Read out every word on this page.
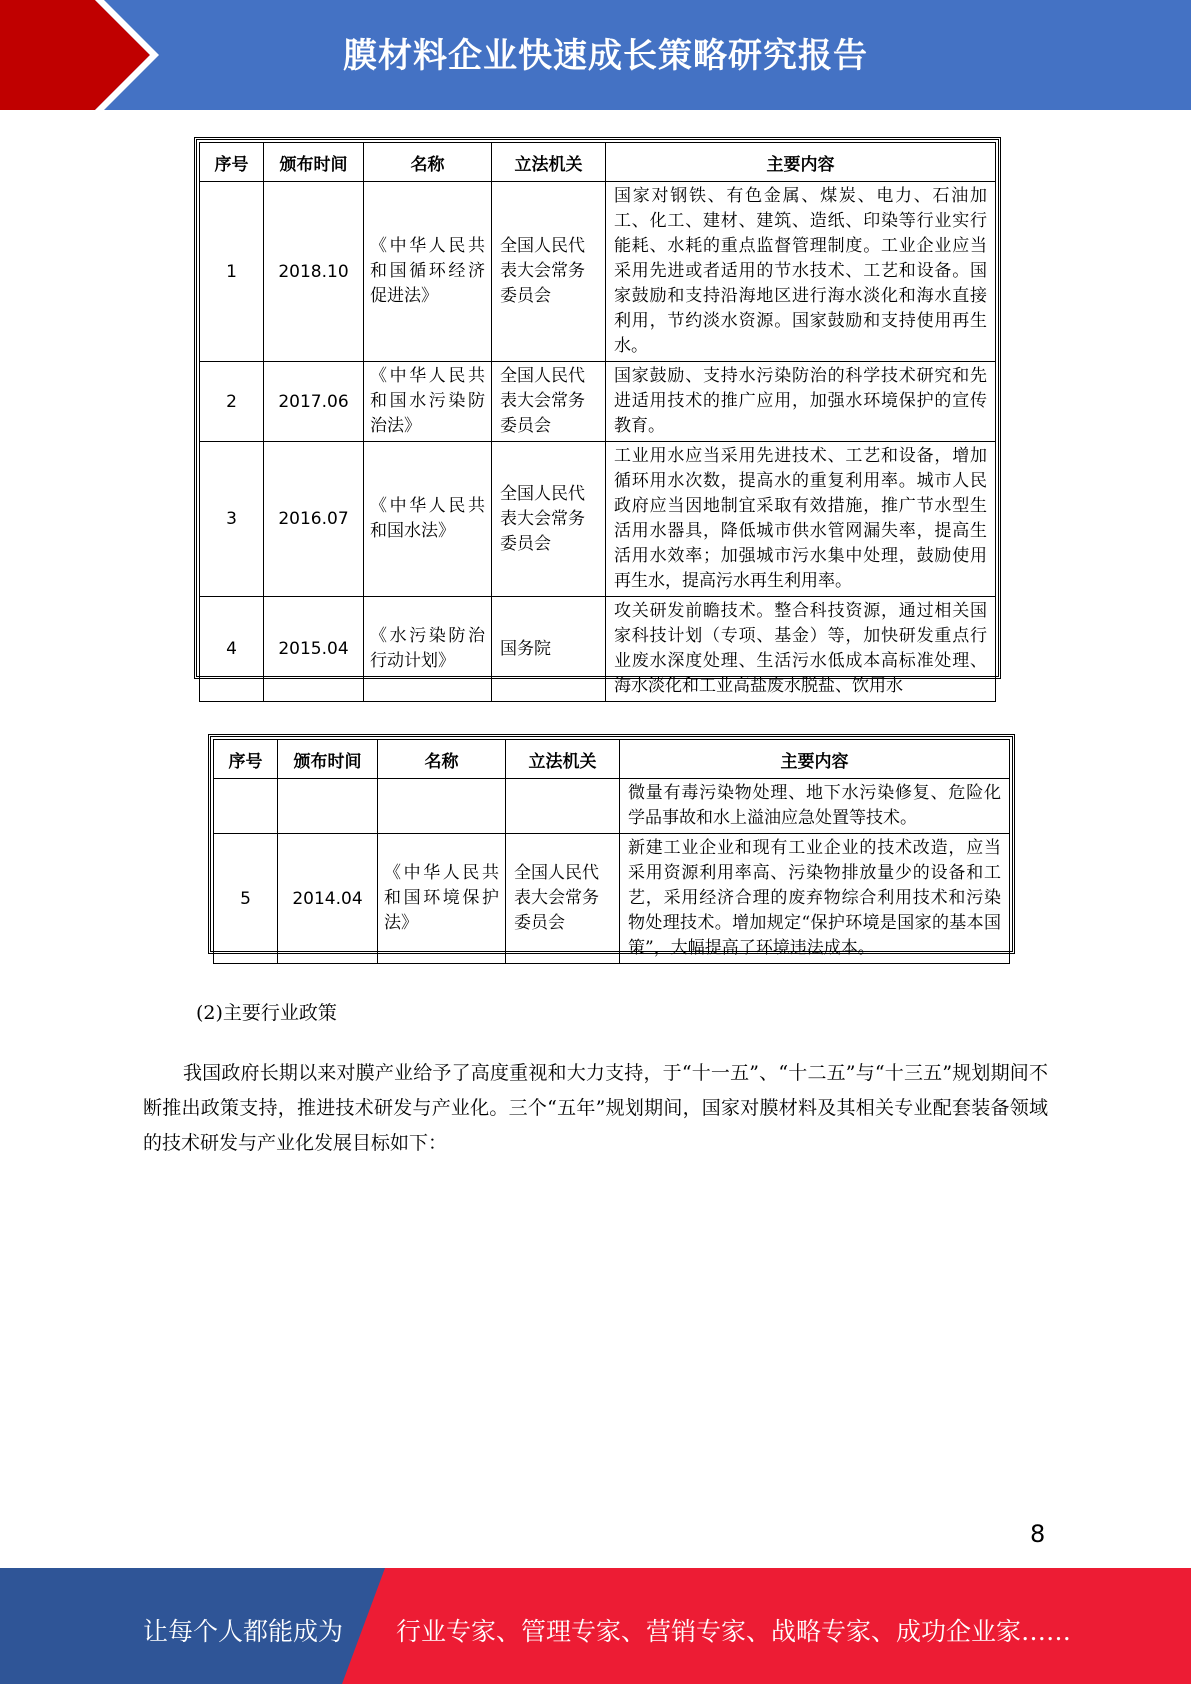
膜材料企业快速成长策略研究报告
序号	颁布时间	名称	立法机关	主要内容
1	2018.10	《中华人民共和国循环经济促进法》	全国人民代表大会常务委员会	国家对钢铁、有色金属、煤炭、电力、石油加工、化工、建材、建筑、造纸、印染等行业实行能耗、水耗的重点监督管理制度。工业企业应当采用先进或者适用的节水技术、工艺和设备。国家鼓励和支持沿海地区进行海水淡化和海水直接利用，节约淡水资源。国家鼓励和支持使用再生水。
2	2017.06	《中华人民共和国水污染防治法》	全国人民代表大会常务委员会	国家鼓励、支持水污染防治的科学技术研究和先进适用技术的推广应用，加强水环境保护的宣传教育。
3	2016.07	《中华人民共和国水法》	全国人民代表大会常务委员会	工业用水应当采用先进技术、工艺和设备，增加循环用水次数，提高水的重复利用率。城市人民政府应当因地制宜采取有效措施，推广节水型生活用水器具，降低城市供水管网漏失率，提高生活用水效率；加强城市污水集中处理，鼓励使用再生水，提高污水再生利用率。
4	2015.04	《水污染防治行动计划》	国务院	攻关研发前瞻技术。整合科技资源，通过相关国家科技计划（专项、基金）等，加快研发重点行业废水深度处理、生活污水低成本高标准处理、海水淡化和工业高盐废水脱盐、饮用水
序号	颁布时间	名称	立法机关	主要内容
				微量有毒污染物处理、地下水污染修复、危险化学品事故和水上溢油应急处置等技术。
5	2014.04	《中华人民共和国环境保护法》	全国人民代表大会常务委员会	新建工业企业和现有工业企业的技术改造，应当采用资源利用率高、污染物排放量少的设备和工艺，采用经济合理的废弃物综合利用技术和污染物处理技术。增加规定“保护环境是国家的基本国策”，大幅提高了环境违法成本。
(2)主要行业政策
我国政府长期以来对膜产业给予了高度重视和大力支持，于“十一五”、“十二五”与“十三五”规划期间不断推出政策支持，推进技术研发与产业化。三个“五年”规划期间，国家对膜材料及其相关专业配套装备领域的技术研发与产业化发展目标如下：
8
让每个人都能成为 行业专家、管理专家、营销专家、战略专家、成功企业家……
